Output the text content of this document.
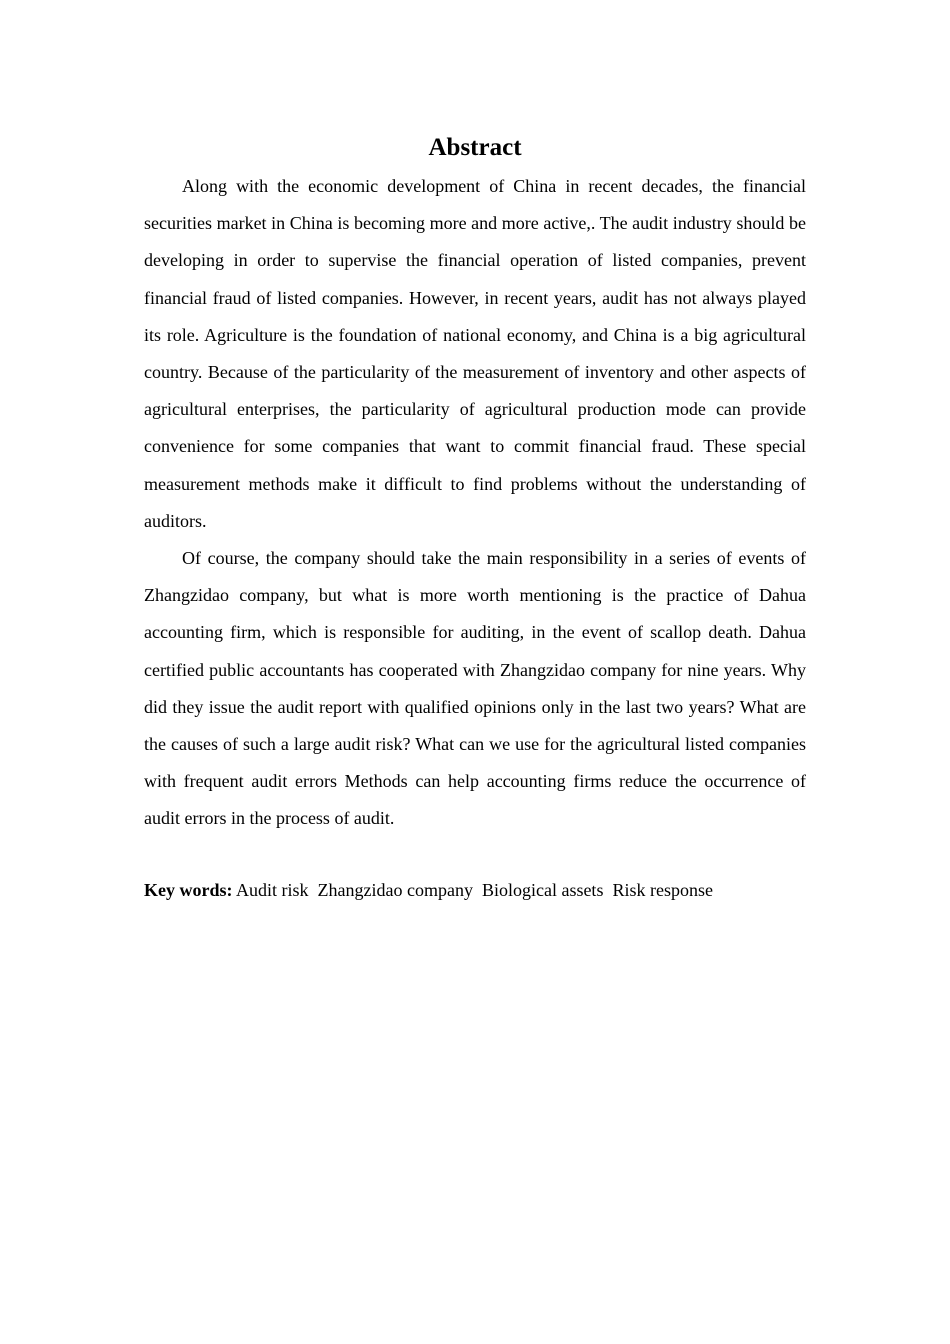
Abstract

Along with the economic development of China in recent decades, the financial securities market in China is becoming more and more active,. The audit industry should be developing in order to supervise the financial operation of listed companies, prevent financial fraud of listed companies. However, in recent years, audit has not always played its role. Agriculture is the foundation of national economy, and China is a big agricultural country. Because of the particularity of the measurement of inventory and other aspects of agricultural enterprises, the particularity of agricultural production mode can provide convenience for some companies that want to commit financial fraud. These special measurement methods make it difficult to find problems without the understanding of auditors.

Of course, the company should take the main responsibility in a series of events of Zhangzidao company, but what is more worth mentioning is the practice of Dahua accounting firm, which is responsible for auditing, in the event of scallop death. Dahua certified public accountants has cooperated with Zhangzidao company for nine years. Why did they issue the audit report with qualified opinions only in the last two years? What are the causes of such a large audit risk? What can we use for the agricultural listed companies with frequent audit errors Methods can help accounting firms reduce the occurrence of audit errors in the process of audit.

Key words: Audit risk  Zhangzidao company  Biological assets  Risk response
